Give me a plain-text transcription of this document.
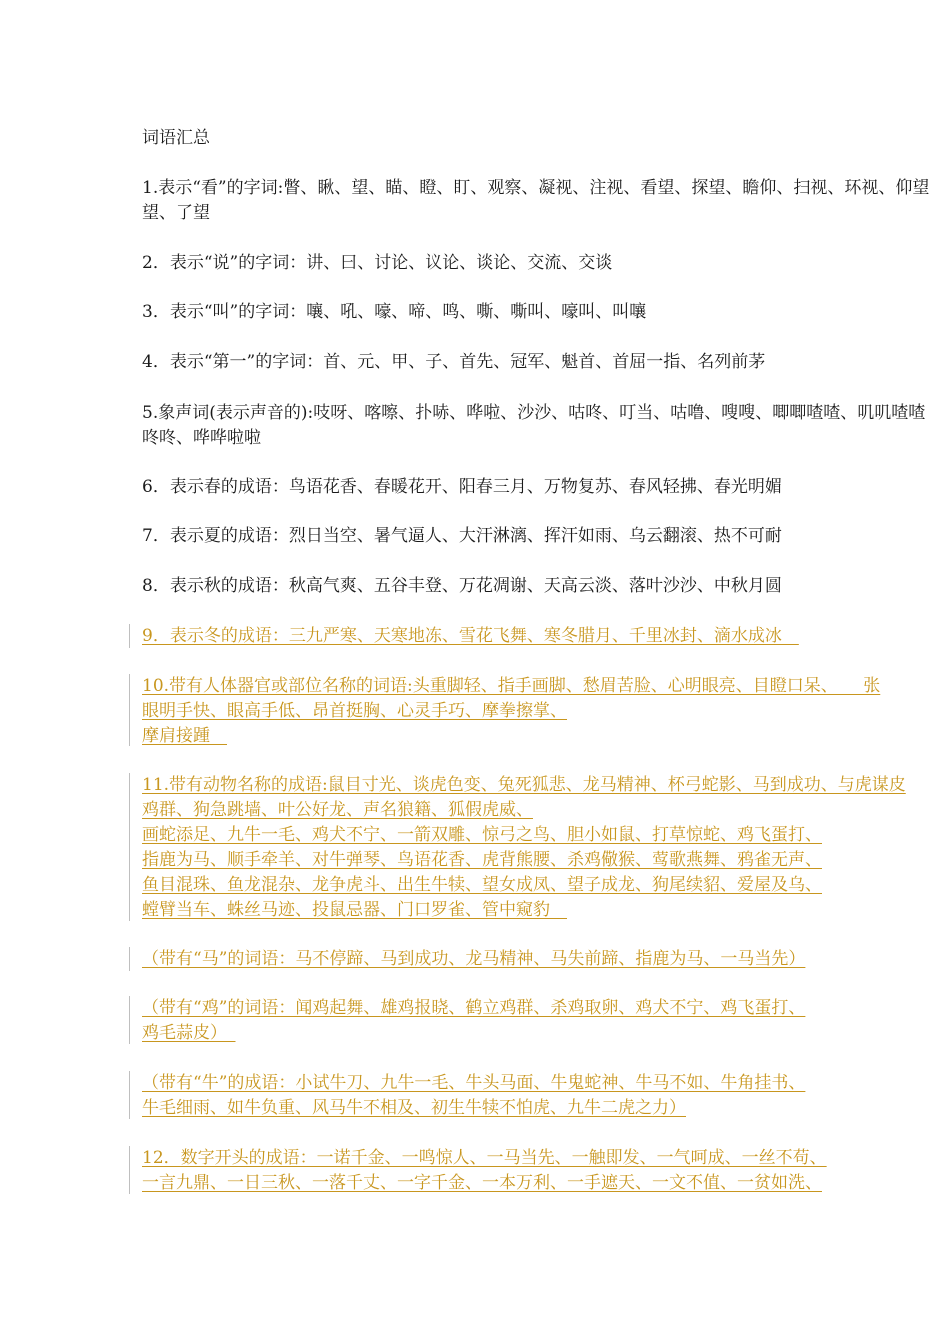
词语汇总
1.表示“看”的字词:瞥、瞅、望、瞄、瞪、盯、观察、凝视、注视、看望、探望、瞻仰、扫视、环视、仰望
望、了望
2．表示“说”的字词：讲、曰、讨论、议论、谈论、交流、交谈
3．表示“叫”的字词：嚷、吼、嚎、啼、鸣、嘶、嘶叫、嚎叫、叫嚷
4．表示“第一”的字词：首、元、甲、子、首先、冠军、魁首、首屈一指、名列前茅
5.象声词(表示声音的):吱呀、喀嚓、扑哧、哗啦、沙沙、咕咚、叮当、咕噜、嗖嗖、唧唧喳喳、叽叽喳喳
咚咚、哗哗啦啦
6．表示春的成语：鸟语花香、春暖花开、阳春三月、万物复苏、春风轻拂、春光明媚
7．表示夏的成语：烈日当空、暑气逼人、大汗淋漓、挥汗如雨、乌云翻滚、热不可耐
8．表示秋的成语：秋高气爽、五谷丰登、万花凋谢、天高云淡、落叶沙沙、中秋月圆
9．表示冬的成语：三九严寒、天寒地冻、雪花飞舞、寒冬腊月、千里冰封、滴水成冰　
10.带有人体器官或部位名称的词语:头重脚轻、指手画脚、愁眉苦脸、心明眼亮、目瞪口呆、　　张
眼明手快、眼高手低、昂首挺胸、心灵手巧、摩拳擦掌、
摩肩接踵　
11.带有动物名称的成语:鼠目寸光、谈虎色变、兔死狐悲、龙马精神、杯弓蛇影、马到成功、与虎谋皮
鸡群、狗急跳墙、叶公好龙、声名狼籍、狐假虎威、
画蛇添足、九牛一毛、鸡犬不宁、一箭双雕、惊弓之鸟、胆小如鼠、打草惊蛇、鸡飞蛋打、
指鹿为马、顺手牵羊、对牛弹琴、鸟语花香、虎背熊腰、杀鸡儆猴、莺歌燕舞、鸦雀无声、
鱼目混珠、鱼龙混杂、龙争虎斗、出生牛犊、望女成凤、望子成龙、狗尾续貂、爱屋及乌、
螳臂当车、蛛丝马迹、投鼠忌器、门口罗雀、管中窥豹　
（带有“马”的词语：马不停蹄、马到成功、龙马精神、马失前蹄、指鹿为马、一马当先）
（带有“鸡”的词语：闻鸡起舞、雄鸡报晓、鹤立鸡群、杀鸡取卵、鸡犬不宁、鸡飞蛋打、
鸡毛蒜皮）　
（带有“牛”的成语：小试牛刀、九牛一毛、牛头马面、牛鬼蛇神、牛马不如、牛角挂书、
牛毛细雨、如牛负重、风马牛不相及、初生牛犊不怕虎、九牛二虎之力）
12．数字开头的成语：一诺千金、一鸣惊人、一马当先、一触即发、一气呵成、一丝不苟、
一言九鼎、一日三秋、一落千丈、一字千金、一本万利、一手遮天、一文不值、一贫如洗、
